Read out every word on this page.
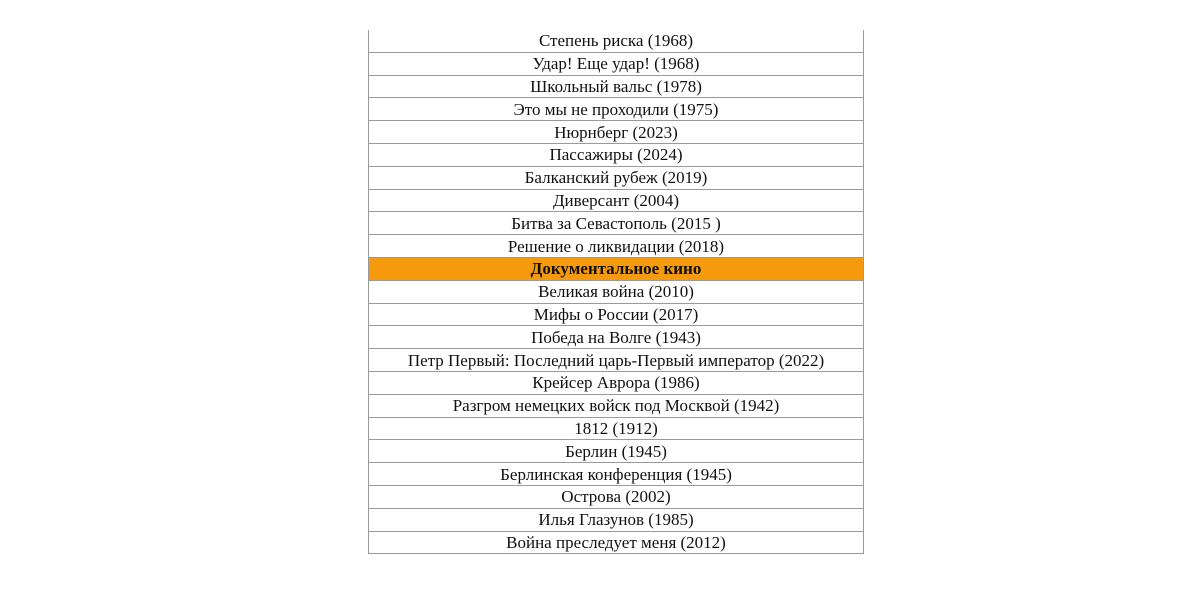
Степень риска (1968)
Удар! Еще удар! (1968)
Школьный вальс (1978)
Это мы не проходили (1975)
Нюрнберг (2023)
Пассажиры (2024)
Балканский рубеж (2019)
Диверсант (2004)
Битва за Севастополь (2015 )
Решение о ликвидации (2018)
Документальное кино
Великая война (2010)
Мифы о России (2017)
Победа на Волге (1943)
Петр Первый: Последний царь-Первый император (2022)
Крейсер Аврора (1986)
Разгром немецких войск под Москвой (1942)
1812 (1912)
Берлин (1945)
Берлинская конференция (1945)
Острова (2002)
Илья Глазунов (1985)
Война преследует меня (2012)
